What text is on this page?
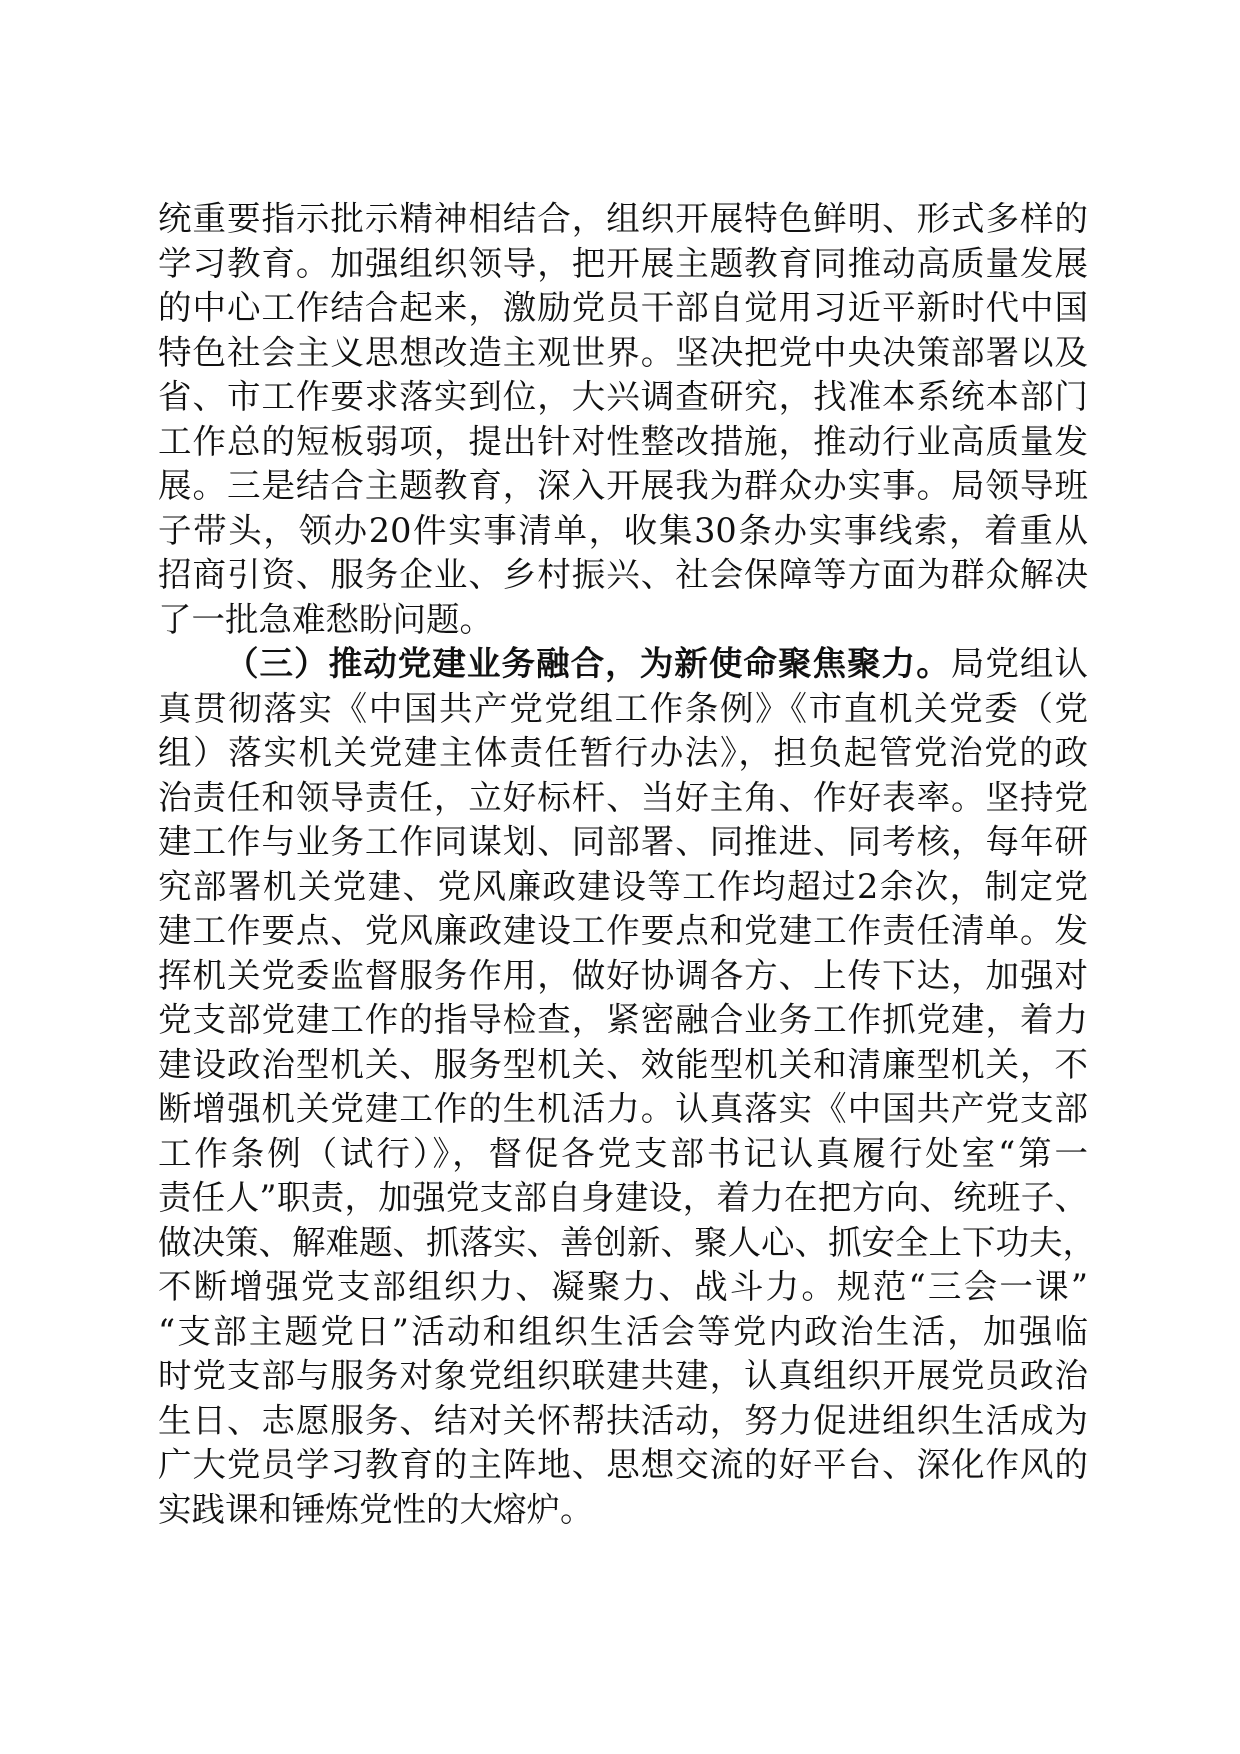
统重要指示批示精神相结合，组织开展特色鲜明、形式多样的
学习教育。加强组织领导，把开展主题教育同推动高质量发展
的中心工作结合起来，激励党员干部自觉用习近平新时代中国
特色社会主义思想改造主观世界。坚决把党中央决策部署以及
省、市工作要求落实到位，大兴调查研究，找准本系统本部门
工作总的短板弱项，提出针对性整改措施，推动行业高质量发
展。三是结合主题教育，深入开展我为群众办实事。局领导班
子带头，领办20件实事清单，收集30条办实事线索，着重从
招商引资、服务企业、乡村振兴、社会保障等方面为群众解决
了一批急难愁盼问题。
（三）推动党建业务融合，为新使命聚焦聚力。局党组认
真贯彻落实《中国共产党党组工作条例》《市直机关党委（党
组）落实机关党建主体责任暂行办法》，担负起管党治党的政
治责任和领导责任，立好标杆、当好主角、作好表率。坚持党
建工作与业务工作同谋划、同部署、同推进、同考核，每年研
究部署机关党建、党风廉政建设等工作均超过2余次，制定党
建工作要点、党风廉政建设工作要点和党建工作责任清单。发
挥机关党委监督服务作用，做好协调各方、上传下达，加强对
党支部党建工作的指导检查，紧密融合业务工作抓党建，着力
建设政治型机关、服务型机关、效能型机关和清廉型机关，不
断增强机关党建工作的生机活力。认真落实《中国共产党支部
工作条例（试行）》，督促各党支部书记认真履行处室“第一
责任人”职责，加强党支部自身建设，着力在把方向、统班子、
做决策、解难题、抓落实、善创新、聚人心、抓安全上下功夫，
不断增强党支部组织力、凝聚力、战斗力。规范“三会一课”
“支部主题党日”活动和组织生活会等党内政治生活，加强临
时党支部与服务对象党组织联建共建，认真组织开展党员政治
生日、志愿服务、结对关怀帮扶活动，努力促进组织生活成为
广大党员学习教育的主阵地、思想交流的好平台、深化作风的
实践课和锤炼党性的大熔炉。
